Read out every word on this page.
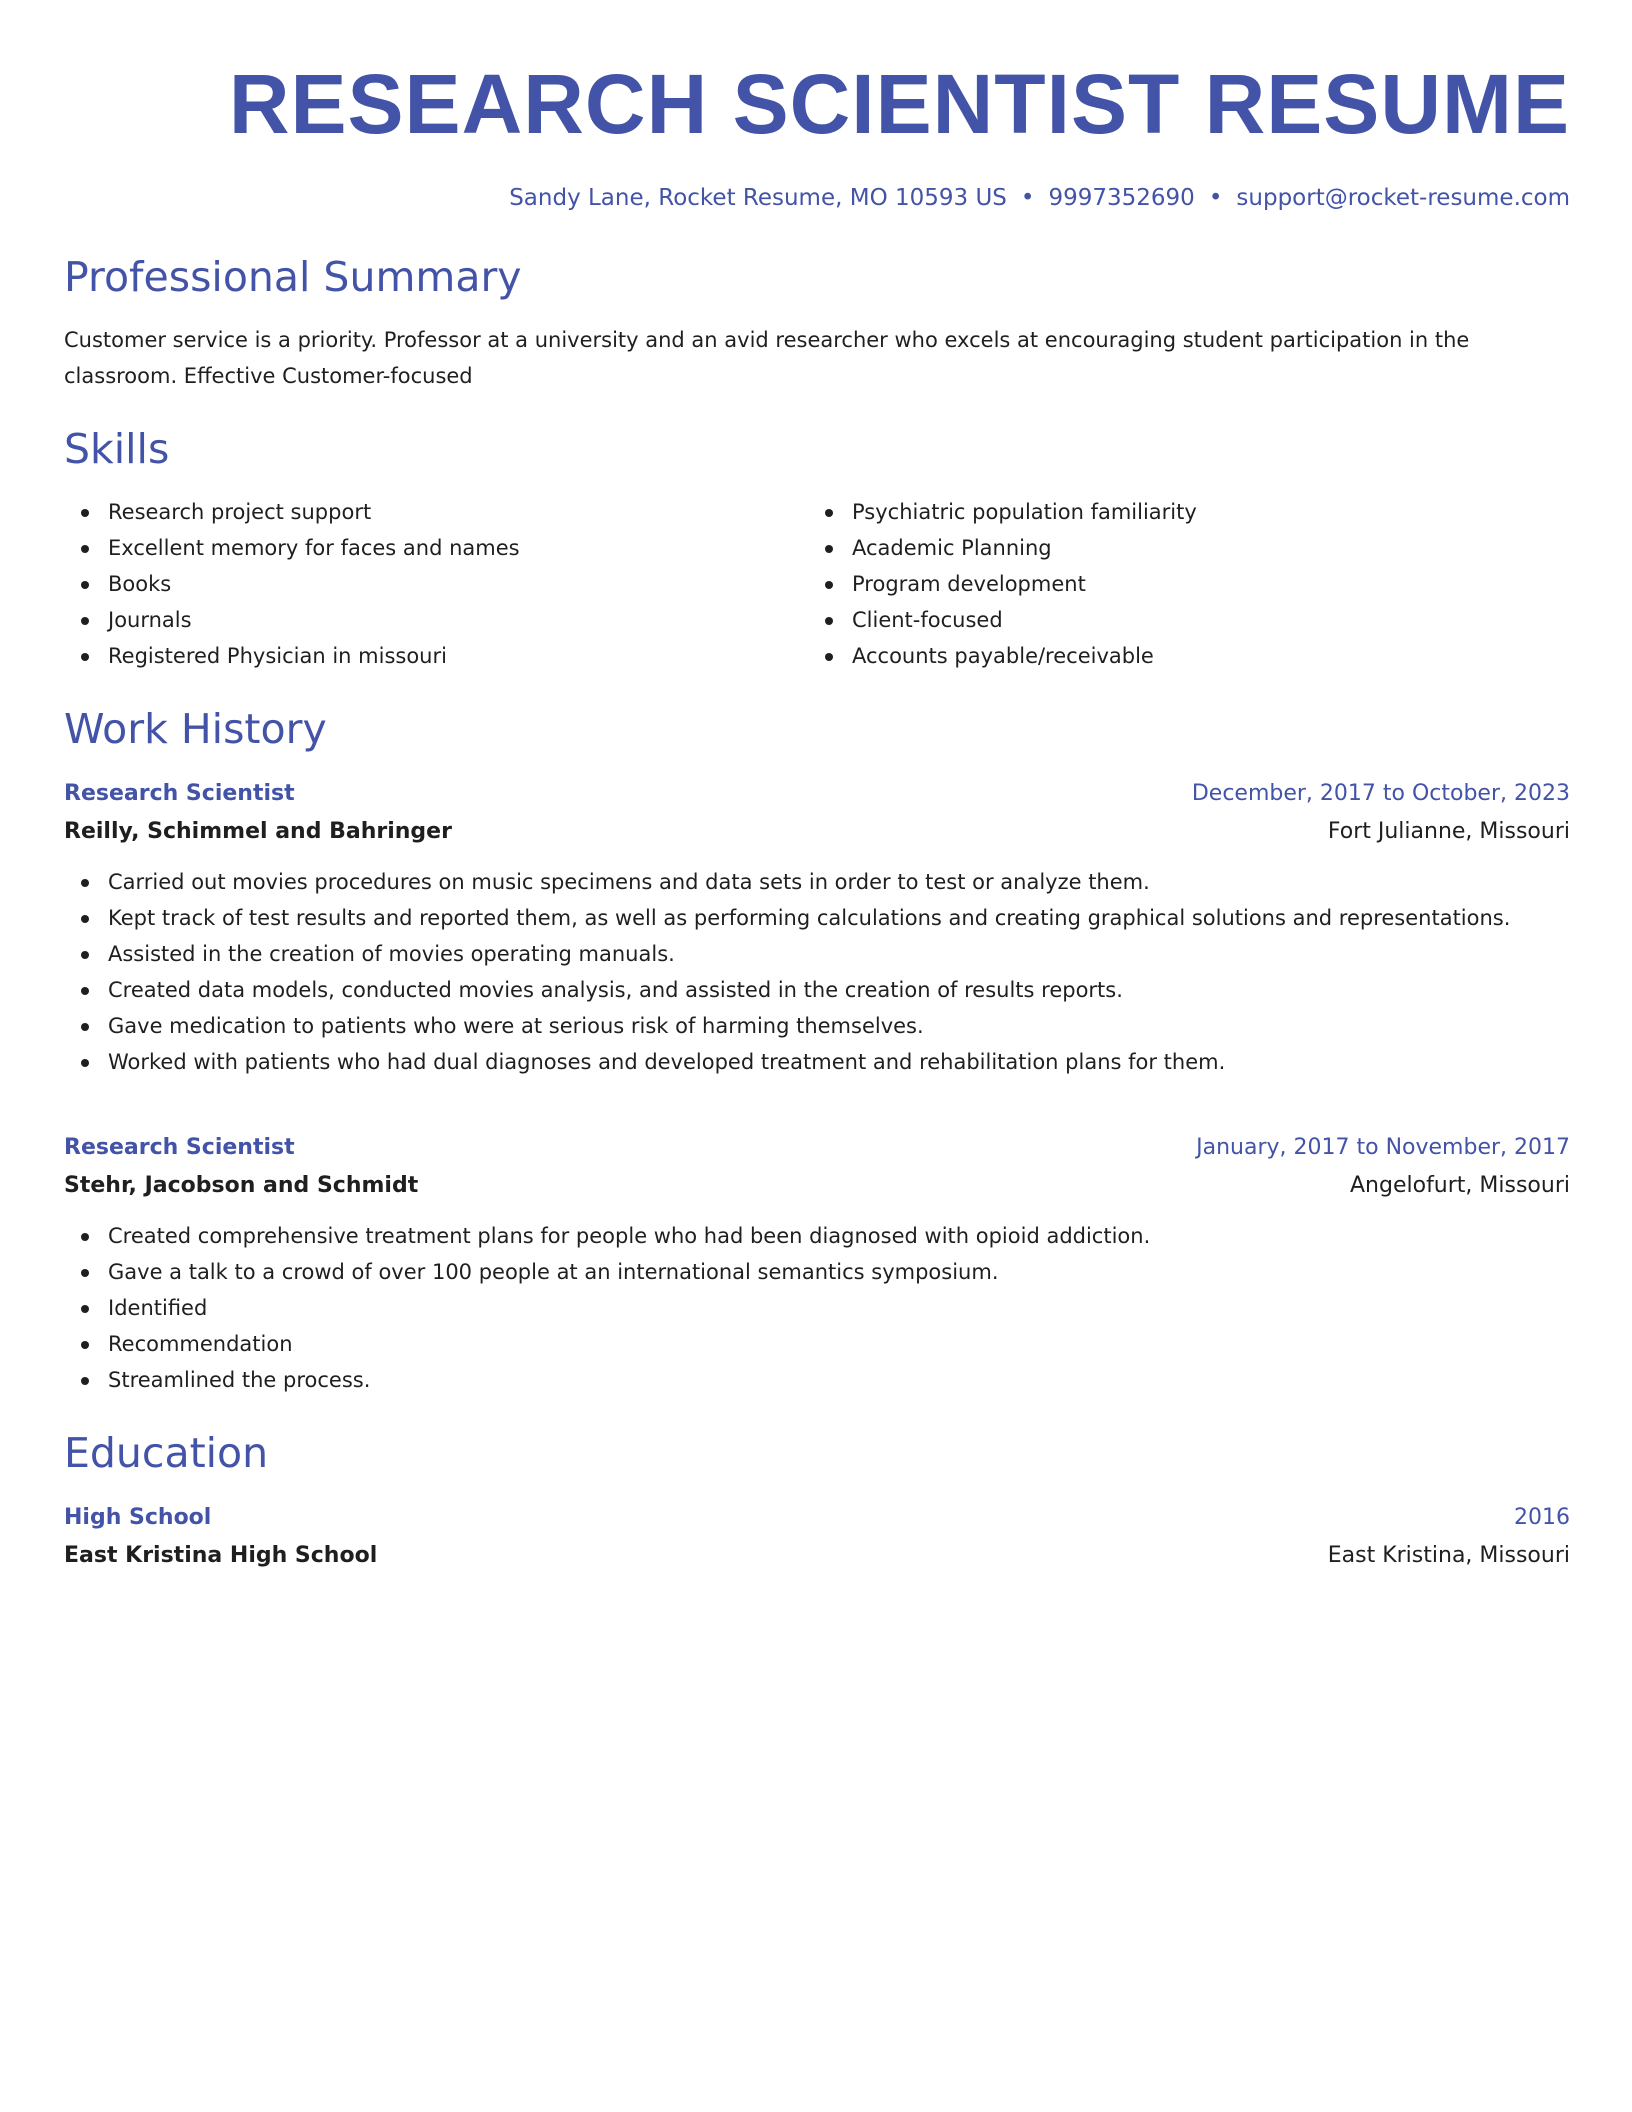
RESEARCH SCIENTIST RESUME
Sandy Lane, Rocket Resume, MO 10593 US • 9997352690 • support@rocket-resume.com
Professional Summary
Customer service is a priority. Professor at a university and an avid researcher who excels at encouraging student participation in the classroom. Effective Customer-focused
Skills
Research project support
Excellent memory for faces and names
Books
Journals
Registered Physician in missouri
Psychiatric population familiarity
Academic Planning
Program development
Client-focused
Accounts payable/receivable
Work History
Research Scientist	December, 2017 to October, 2023
Reilly, Schimmel and Bahringer	Fort Julianne, Missouri
Carried out movies procedures on music specimens and data sets in order to test or analyze them.
Kept track of test results and reported them, as well as performing calculations and creating graphical solutions and representations.
Assisted in the creation of movies operating manuals.
Created data models, conducted movies analysis, and assisted in the creation of results reports.
Gave medication to patients who were at serious risk of harming themselves.
Worked with patients who had dual diagnoses and developed treatment and rehabilitation plans for them.
Research Scientist	January, 2017 to November, 2017
Stehr, Jacobson and Schmidt	Angelofurt, Missouri
Created comprehensive treatment plans for people who had been diagnosed with opioid addiction.
Gave a talk to a crowd of over 100 people at an international semantics symposium.
Identified
Recommendation
Streamlined the process.
Education
High School	2016
East Kristina High School	East Kristina, Missouri
